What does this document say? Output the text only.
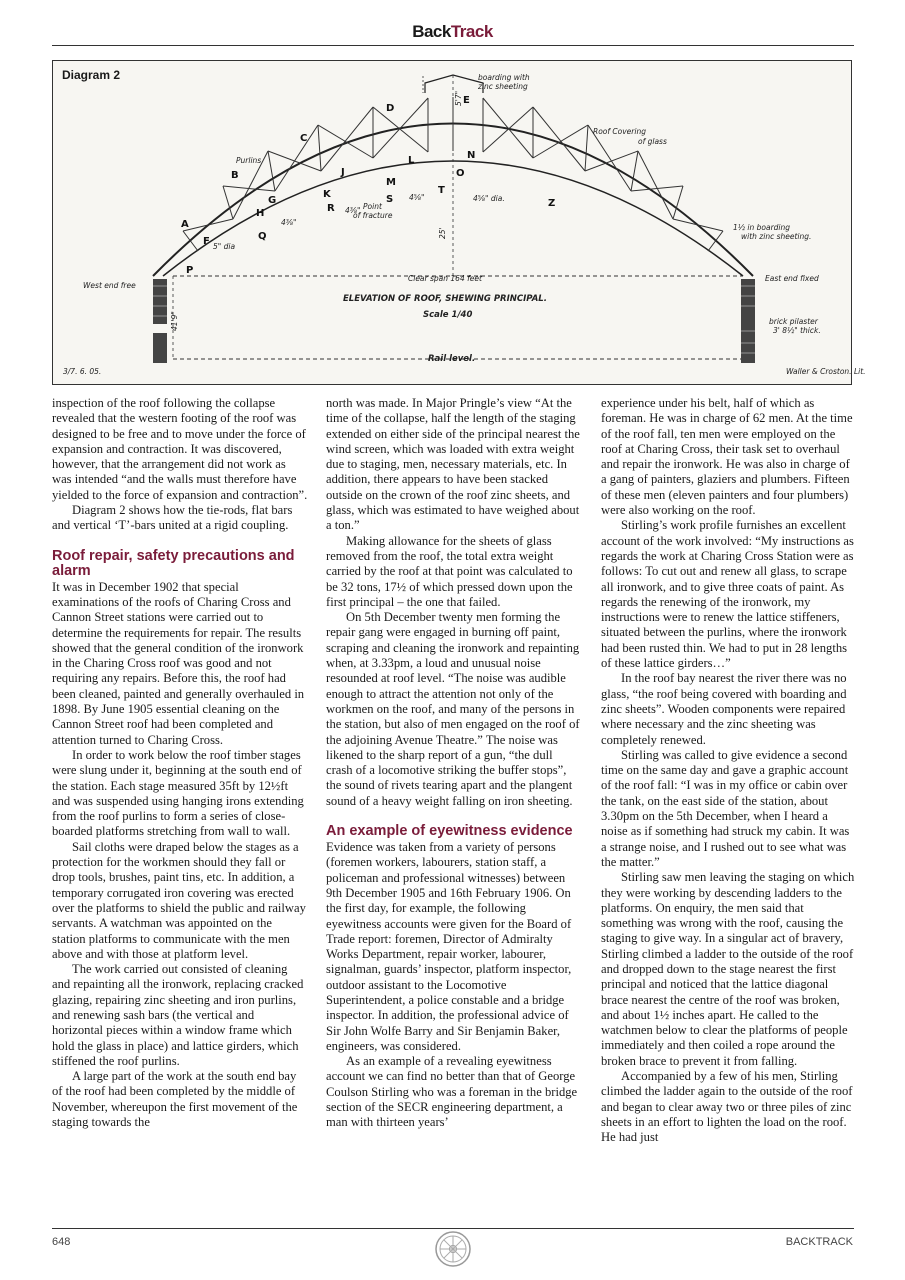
BackTrack
Diagram 2	boarding with
zinc sheeting
Roof Covering
of glass
Purlins
West end free
East end fixed
Clear span 164 feet
ELEVATION OF ROOF, SHEWING PRINCIPAL.
Scale 1/40
Rail level.
brick pilaster
3' 8½" thick.
1½ in boarding
with zinc sheeting.
Point
of fracture
5" dia
4⅜"
4⅜"
4⅝"	4⅝" dia.
25'
41'9"
5'7"
3/7. 6. 05.	Waller & Croston. Lit.
P
F
A
Q
H
B
G
C
K
R
J
S
D
M
L
T
E
N
O
Z

inspection of the roof following the collapse revealed that the western footing of the roof was designed to be free and to move under the force of expansion and contraction. It was discovered, however, that the arrangement did not work as was intended “and the walls must therefore have yielded to the force of expansion and contraction”.

Diagram 2 shows how the tie-rods, flat bars and vertical ‘T’-bars united at a rigid coupling.

Roof repair, safety precautions and alarm

It was in December 1902 that special examinations of the roofs of Charing Cross and Cannon Street stations were carried out to determine the requirements for repair. The results showed that the general condition of the ironwork in the Charing Cross roof was good and not requiring any repairs. Before this, the roof had been cleaned, painted and generally overhauled in 1898. By June 1905 essential cleaning on the Cannon Street roof had been completed and attention turned to Charing Cross.

In order to work below the roof timber stages were slung under it, beginning at the south end of the station. Each stage measured 35ft by 12½ft and was suspended using hanging irons extending from the roof purlins to form a series of close-boarded platforms stretching from wall to wall.

Sail cloths were draped below the stages as a protection for the workmen should they fall or drop tools, brushes, paint tins, etc. In addition, a temporary corrugated iron covering was erected over the platforms to shield the public and railway servants. A watchman was appointed on the station platforms to communicate with the men above and with those at platform level.

The work carried out consisted of cleaning and repainting all the ironwork, replacing cracked glazing, repairing zinc sheeting and iron purlins, and renewing sash bars (the vertical and horizontal pieces within a window frame which hold the glass in place) and lattice girders, which stiffened the roof purlins.

A large part of the work at the south end bay of the roof had been completed by the middle of November, whereupon the first movement of the staging towards the

north was made. In Major Pringle’s view “At the time of the collapse, half the length of the staging extended on either side of the principal nearest the wind screen, which was loaded with extra weight due to staging, men, necessary materials, etc. In addition, there appears to have been stacked outside on the crown of the roof zinc sheets, and glass, which was estimated to have weighed about a ton.”

Making allowance for the sheets of glass removed from the roof, the total extra weight carried by the roof at that point was calculated to be 32 tons, 17½ of which pressed down upon the first principal – the one that failed.

On 5th December twenty men forming the repair gang were engaged in burning off paint, scraping and cleaning the ironwork and repainting when, at 3.33pm, a loud and unusual noise resounded at roof level. “The noise was audible enough to attract the attention not only of the workmen on the roof, and many of the persons in the station, but also of men engaged on the roof of the adjoining Avenue Theatre.” The noise was likened to the sharp report of a gun, “the dull crash of a locomotive striking the buffer stops”, the sound of rivets tearing apart and the plangent sound of a heavy weight falling on iron sheeting.

An example of eyewitness evidence

Evidence was taken from a variety of persons (foremen workers, labourers, station staff, a policeman and professional witnesses) between 9th December 1905 and 16th February 1906. On the first day, for example, the following eyewitness accounts were given for the Board of Trade report: foremen, Director of Admiralty Works Department, repair worker, labourer, signalman, guards’ inspector, platform inspector, outdoor assistant to the Locomotive Superintendent, a police constable and a bridge inspector. In addition, the professional advice of Sir John Wolfe Barry and Sir Benjamin Baker, engineers, was considered.

As an example of a revealing eyewitness account we can find no better than that of George Coulson Stirling who was a foreman in the bridge section of the SECR engineering department, a man with thirteen years’

experience under his belt, half of which as foreman. He was in charge of 62 men. At the time of the roof fall, ten men were employed on the roof at Charing Cross, their task set to overhaul and repair the ironwork. He was also in charge of a gang of painters, glaziers and plumbers. Fifteen of these men (eleven painters and four plumbers) were also working on the roof.

Stirling’s work profile furnishes an excellent account of the work involved: “My instructions as regards the work at Charing Cross Station were as follows: To cut out and renew all glass, to scrape all ironwork, and to give three coats of paint. As regards the renewing of the ironwork, my instructions were to renew the lattice stiffeners, situated between the purlins, where the ironwork had been rusted thin. We had to put in 28 lengths of these lattice girders…”

In the roof bay nearest the river there was no glass, “the roof being covered with boarding and zinc sheets”. Wooden components were repaired where necessary and the zinc sheeting was completely renewed.

Stirling was called to give evidence a second time on the same day and gave a graphic account of the roof fall: “I was in my office or cabin over the tank, on the east side of the station, about 3.30pm on the 5th December, when I heard a noise as if something had struck my cabin. It was a strange noise, and I rushed out to see what was the matter.”

Stirling saw men leaving the staging on which they were working by descending ladders to the platforms. On enquiry, the men said that something was wrong with the roof, causing the staging to give way. In a singular act of bravery, Stirling climbed a ladder to the outside of the roof and dropped down to the stage nearest the first principal and noticed that the lattice diagonal brace nearest the centre of the roof was broken, and about 1½ inches apart. He called to the watchmen below to clear the platforms of people immediately and then coiled a rope around the broken brace to prevent it from falling.

Accompanied by a few of his men, Stirling climbed the ladder again to the outside of the roof and began to clear away two or three piles of zinc sheets in an effort to lighten the load on the roof. He had just

648	BACKTRACK
